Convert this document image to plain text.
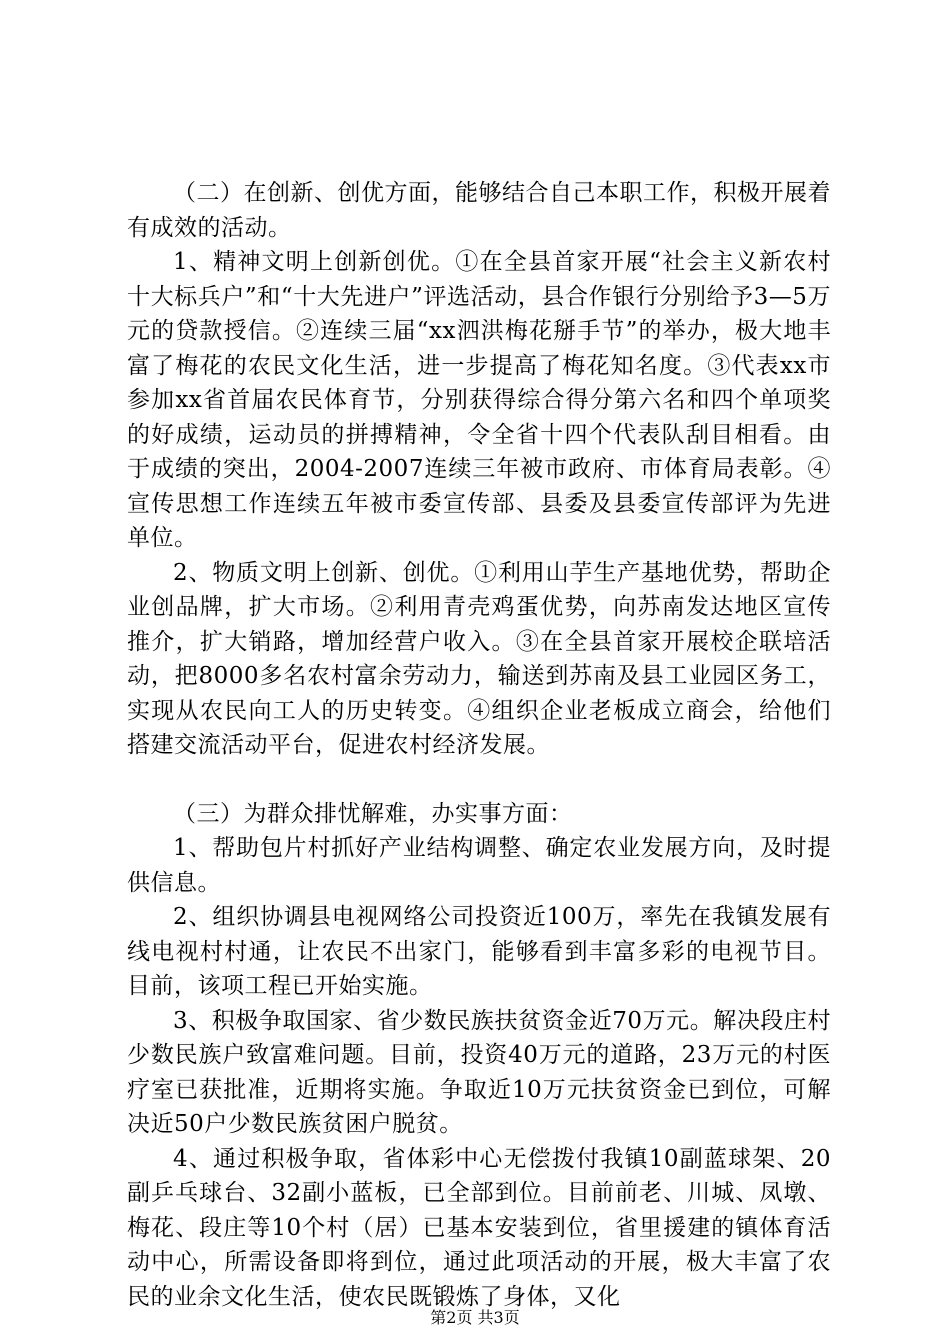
（二）在创新、创优方面，能够结合自己本职工作，积极开展着有成效的活动。

1、精神文明上创新创优。①在全县首家开展“社会主义新农村十大标兵户”和“十大先进户”评选活动，县合作银行分别给予3—5万元的贷款授信。②连续三届“xx泗洪梅花掰手节”的举办，极大地丰富了梅花的农民文化生活，进一步提高了梅花知名度。③代表xx市参加xx省首届农民体育节，分别获得综合得分第六名和四个单项奖的好成绩，运动员的拼搏精神，令全省十四个代表队刮目相看。由于成绩的突出，2004-2007连续三年被市政府、市体育局表彰。④宣传思想工作连续五年被市委宣传部、县委及县委宣传部评为先进单位。

2、物质文明上创新、创优。①利用山芋生产基地优势，帮助企业创品牌，扩大市场。②利用青壳鸡蛋优势，向苏南发达地区宣传推介，扩大销路，增加经营户收入。③在全县首家开展校企联培活动，把8000多名农村富余劳动力，输送到苏南及县工业园区务工，实现从农民向工人的历史转变。④组织企业老板成立商会，给他们搭建交流活动平台，促进农村经济发展。

（三）为群众排忧解难，办实事方面：

1、帮助包片村抓好产业结构调整、确定农业发展方向，及时提供信息。

2、组织协调县电视网络公司投资近100万，率先在我镇发展有线电视村村通，让农民不出家门，能够看到丰富多彩的电视节目。目前，该项工程已开始实施。

3、积极争取国家、省少数民族扶贫资金近70万元。解决段庄村少数民族户致富难问题。目前，投资40万元的道路，23万元的村医疗室已获批准，近期将实施。争取近10万元扶贫资金已到位，可解决近50户少数民族贫困户脱贫。

4、通过积极争取，省体彩中心无偿拨付我镇10副蓝球架、20副乒乓球台、32副小蓝板，已全部到位。目前前老、川城、凤墩、梅花、段庄等10个村（居）已基本安装到位，省里援建的镇体育活动中心，所需设备即将到位，通过此项活动的开展，极大丰富了农民的业余文化生活，使农民既锻炼了身体，又化

第2页 共3页
